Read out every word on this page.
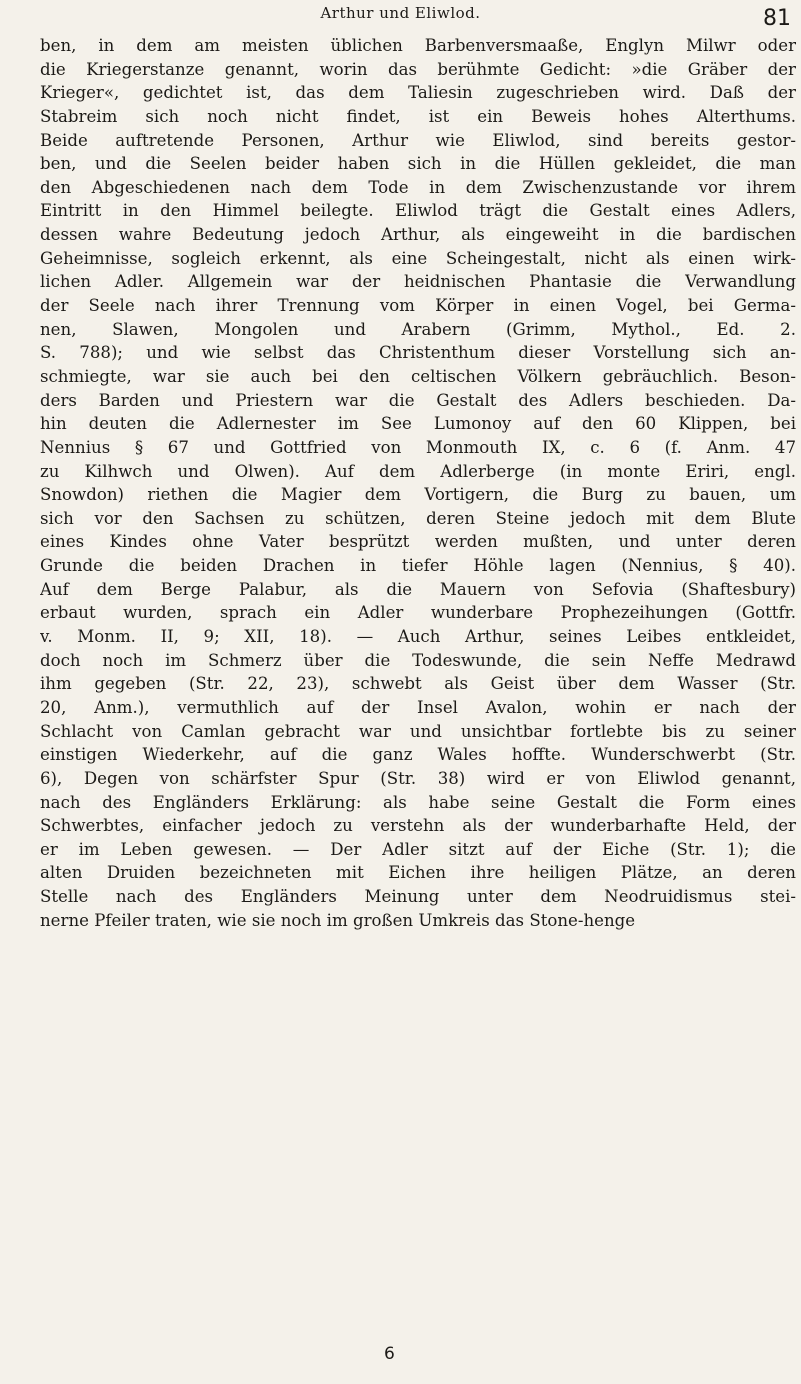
Arthur und Eliwlod.	81
ben, in dem am meisten üblichen Barbenversmaaße, Englyn Milwr oder
die Kriegerstanze genannt, worin das berühmte Gedicht: »die Gräber der
Krieger«, gedichtet ist, das dem Taliesin zugeschrieben wird. Daß der
Stabreim sich noch nicht findet, ist ein Beweis hohes Alterthums.
Beide auftretende Personen, Arthur wie Eliwlod, sind bereits gestor-
ben, und die Seelen beider haben sich in die Hüllen gekleidet, die man
den Abgeschiedenen nach dem Tode in dem Zwischenzustande vor ihrem
Eintritt in den Himmel beilegte. Eliwlod trägt die Gestalt eines Adlers,
dessen wahre Bedeutung jedoch Arthur, als eingeweiht in die bardischen
Geheimnisse, sogleich erkennt, als eine Scheingestalt, nicht als einen wirk-
lichen Adler. Allgemein war der heidnischen Phantasie die Verwandlung
der Seele nach ihrer Trennung vom Körper in einen Vogel, bei Germa-
nen, Slawen, Mongolen und Arabern (Grimm, Mythol., Ed. 2.
S. 788); und wie selbst das Christenthum dieser Vorstellung sich an-
schmiegte, war sie auch bei den celtischen Völkern gebräuchlich. Beson-
ders Barden und Priestern war die Gestalt des Adlers beschieden. Da-
hin deuten die Adlernester im See Lumonoy auf den 60 Klippen, bei
Nennius § 67 und Gottfried von Monmouth IX, c. 6 (f. Anm. 47
zu Kilhwch und Olwen). Auf dem Adlerberge (in monte Eriri, engl.
Snowdon) riethen die Magier dem Vortigern, die Burg zu bauen, um
sich vor den Sachsen zu schützen, deren Steine jedoch mit dem Blute
eines Kindes ohne Vater besprützt werden mußten, und unter deren
Grunde die beiden Drachen in tiefer Höhle lagen (Nennius, § 40).
Auf dem Berge Palabur, als die Mauern von Sefovia (Shaftesbury)
erbaut wurden, sprach ein Adler wunderbare Prophezeihungen (Gottfr.
v. Monm. II, 9; XII, 18). — Auch Arthur, seines Leibes entkleidet,
doch noch im Schmerz über die Todeswunde, die sein Neffe Medrawd
ihm gegeben (Str. 22, 23), schwebt als Geist über dem Wasser (Str.
20, Anm.), vermuthlich auf der Insel Avalon, wohin er nach der
Schlacht von Camlan gebracht war und unsichtbar fortlebte bis zu seiner
einstigen Wiederkehr, auf die ganz Wales hoffte. Wunderschwerbt (Str.
6), Degen von schärfster Spur (Str. 38) wird er von Eliwlod genannt,
nach des Engländers Erklärung: als habe seine Gestalt die Form eines
Schwerbtes, einfacher jedoch zu verstehn als der wunderbarhafte Held, der
er im Leben gewesen. — Der Adler sitzt auf der Eiche (Str. 1); die
alten Druiden bezeichneten mit Eichen ihre heiligen Plätze, an deren
Stelle nach des Engländers Meinung unter dem Neodruidismus stei-
nerne Pfeiler traten, wie sie noch im großen Umkreis das Stone-henge
6
